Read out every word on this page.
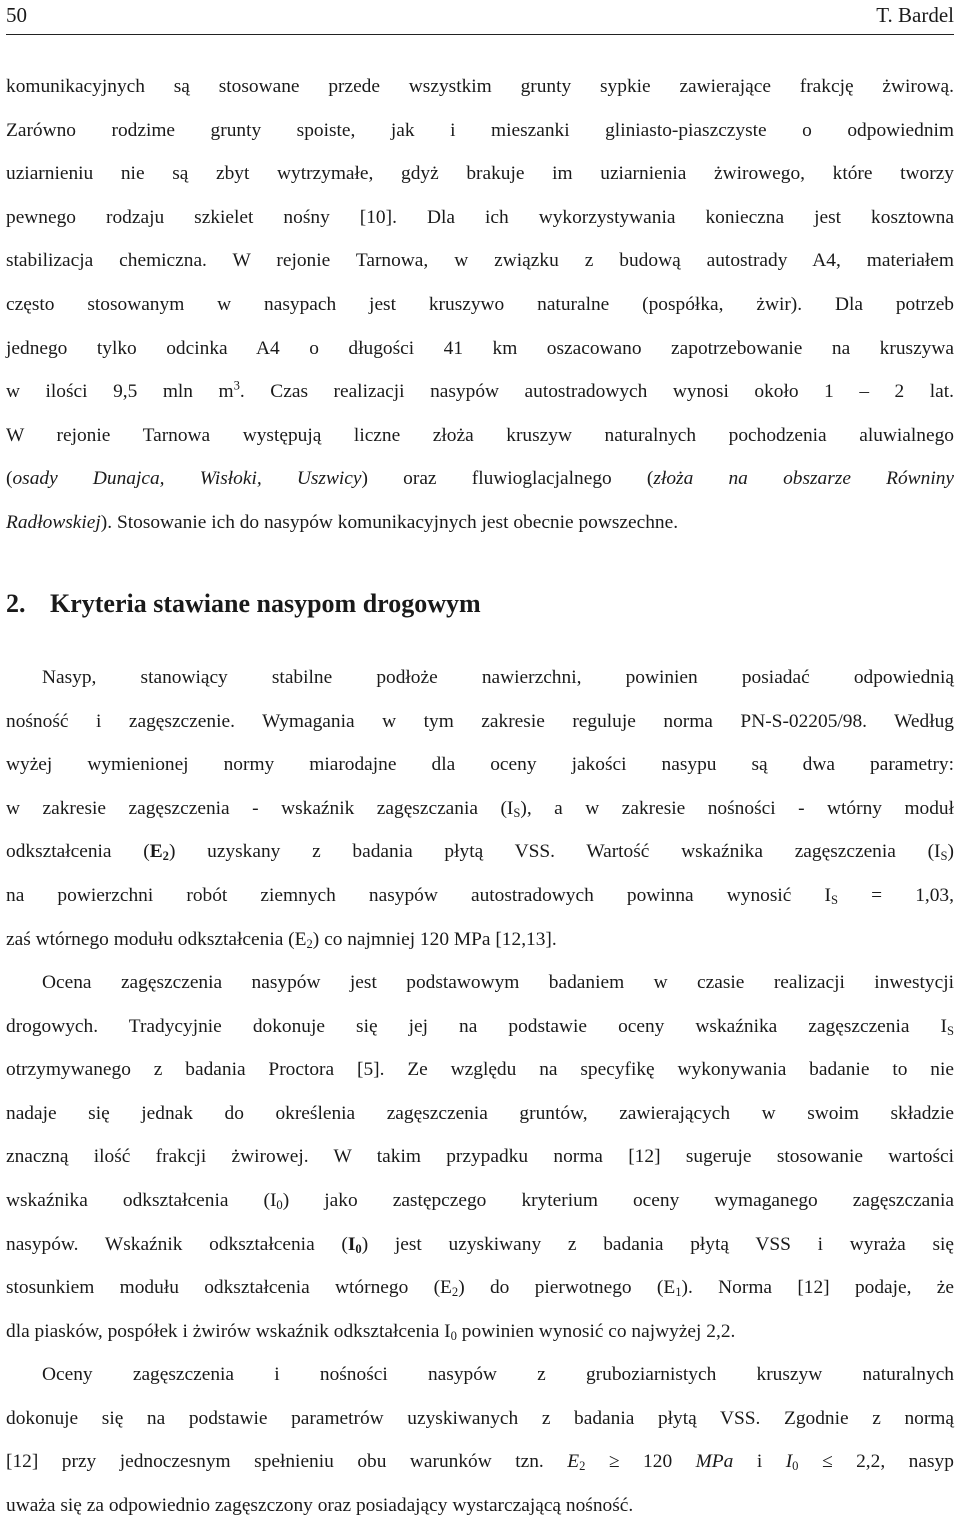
50	T. Bardel
komunikacyjnych są stosowane przede wszystkim grunty sypkie zawierające frakcję żwirową.
Zarówno rodzime grunty spoiste, jak i mieszanki gliniasto-piaszczyste o odpowiednim
uziarnieniu nie są zbyt wytrzymałe, gdyż brakuje im uziarnienia żwirowego, które tworzy
pewnego rodzaju szkielet nośny [10]. Dla ich wykorzystywania konieczna jest kosztowna
stabilizacja chemiczna. W rejonie Tarnowa, w związku z budową autostrady A4, materiałem
często stosowanym w nasypach jest kruszywo naturalne (pospółka, żwir). Dla potrzeb
jednego tylko odcinka A4 o długości 41 km oszacowano zapotrzebowanie na kruszywa
w ilości 9,5 mln $m^3$. Czas realizacji nasypów autostradowych wynosi około 1 – 2 lat.
W rejonie Tarnowa występują liczne złoża kruszyw naturalnych pochodzenia aluwialnego
(osady Dunajca, Wisłoki, Uszwicy) oraz fluwioglacjalnego (złoża na obszarze Równiny
Radłowskiej). Stosowanie ich do nasypów komunikacyjnych jest obecnie powszechne.
2. Kryteria stawiane nasypom drogowym
Nasyp, stanowiący stabilne podłoże nawierzchni, powinien posiadać odpowiednią
nośność i zagęszczenie. Wymagania w tym zakresie reguluje norma PN-S-02205/98. Według
wyżej wymienionej normy miarodajne dla oceny jakości nasypu są dwa parametry:
w zakresie zagęszczenia - wskaźnik zagęszczania $(I_S)$, a w zakresie nośności - wtórny moduł
odkształcenia $(E_2)$ uzyskany z badania płytą VSS. Wartość wskaźnika zagęszczenia $(I_S)$
na powierzchni robót ziemnych nasypów autostradowych powinna wynosić $I_S = 1,03$,
zaś wtórnego modułu odkształcenia $(E_2)$ co najmniej 120 MPa [12,13].
Ocena zagęszczenia nasypów jest podstawowym badaniem w czasie realizacji inwestycji
drogowych. Tradycyjnie dokonuje się jej na podstawie oceny wskaźnika zagęszczenia $I_S$
otrzymywanego z badania Proctora [5]. Ze względu na specyfikę wykonywania badanie to nie
nadaje się jednak do określenia zagęszczenia gruntów, zawierających w swoim składzie
znaczną ilość frakcji żwirowej. W takim przypadku norma [12] sugeruje stosowanie wartości
wskaźnika odkształcenia $(I_0)$ jako zastępczego kryterium oceny wymaganego zagęszczania
nasypów. Wskaźnik odkształcenia $(I_0)$ jest uzyskiwany z badania płytą VSS i wyraża się
stosunkiem modułu odkształcenia wtórnego $(E_2)$ do pierwotnego $(E_1)$. Norma [12] podaje, że
dla piasków, pospółek i żwirów wskaźnik odkształcenia $I_0$ powinien wynosić co najwyżej 2,2.
Oceny zagęszczenia i nośności nasypów z gruboziarnistych kruszyw naturalnych
dokonuje się na podstawie parametrów uzyskiwanych z badania płytą VSS. Zgodnie z normą
[12] przy jednoczesnym spełnieniu obu warunków tzn. $E_2 \ge 120$ MPa i $I_0 \le 2,2$, nasyp
uważa się za odpowiednio zagęszczony oraz posiadający wystarczającą nośność.
